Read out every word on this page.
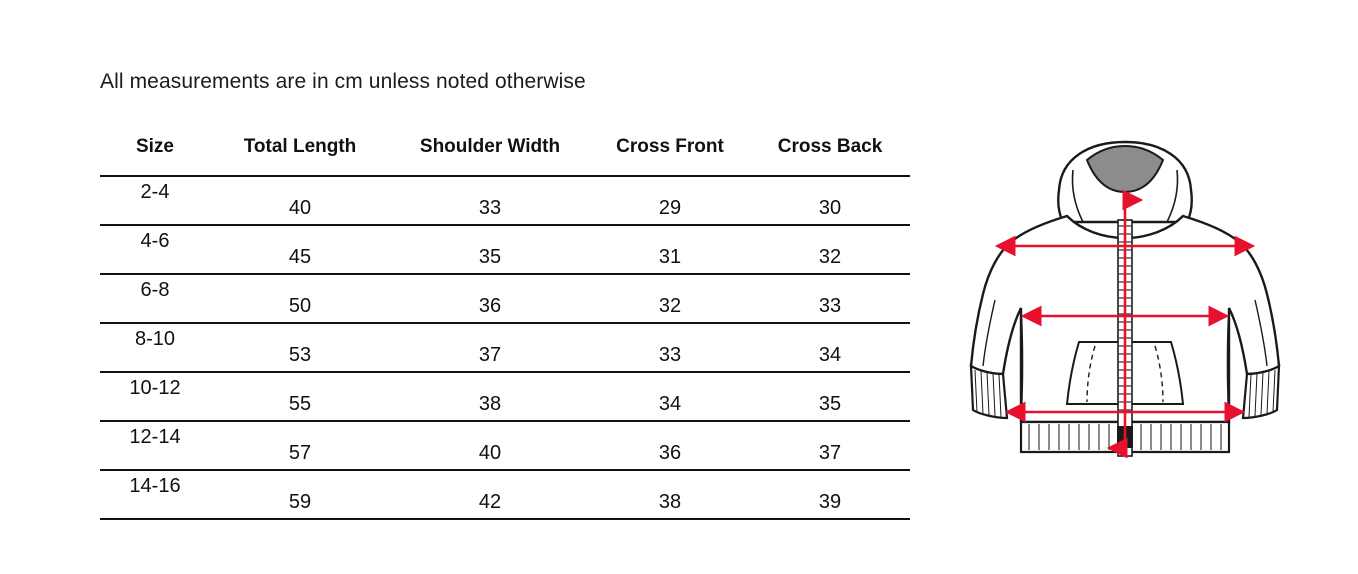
All measurements are in cm unless noted otherwise
Size	Total Length	Shoulder Width	Cross Front	Cross Back
2-4	40	33	29	30
4-6	45	35	31	32
6-8	50	36	32	33
8-10	53	37	33	34
10-12	55	38	34	35
12-14	57	40	36	37
14-16	59	42	38	39
